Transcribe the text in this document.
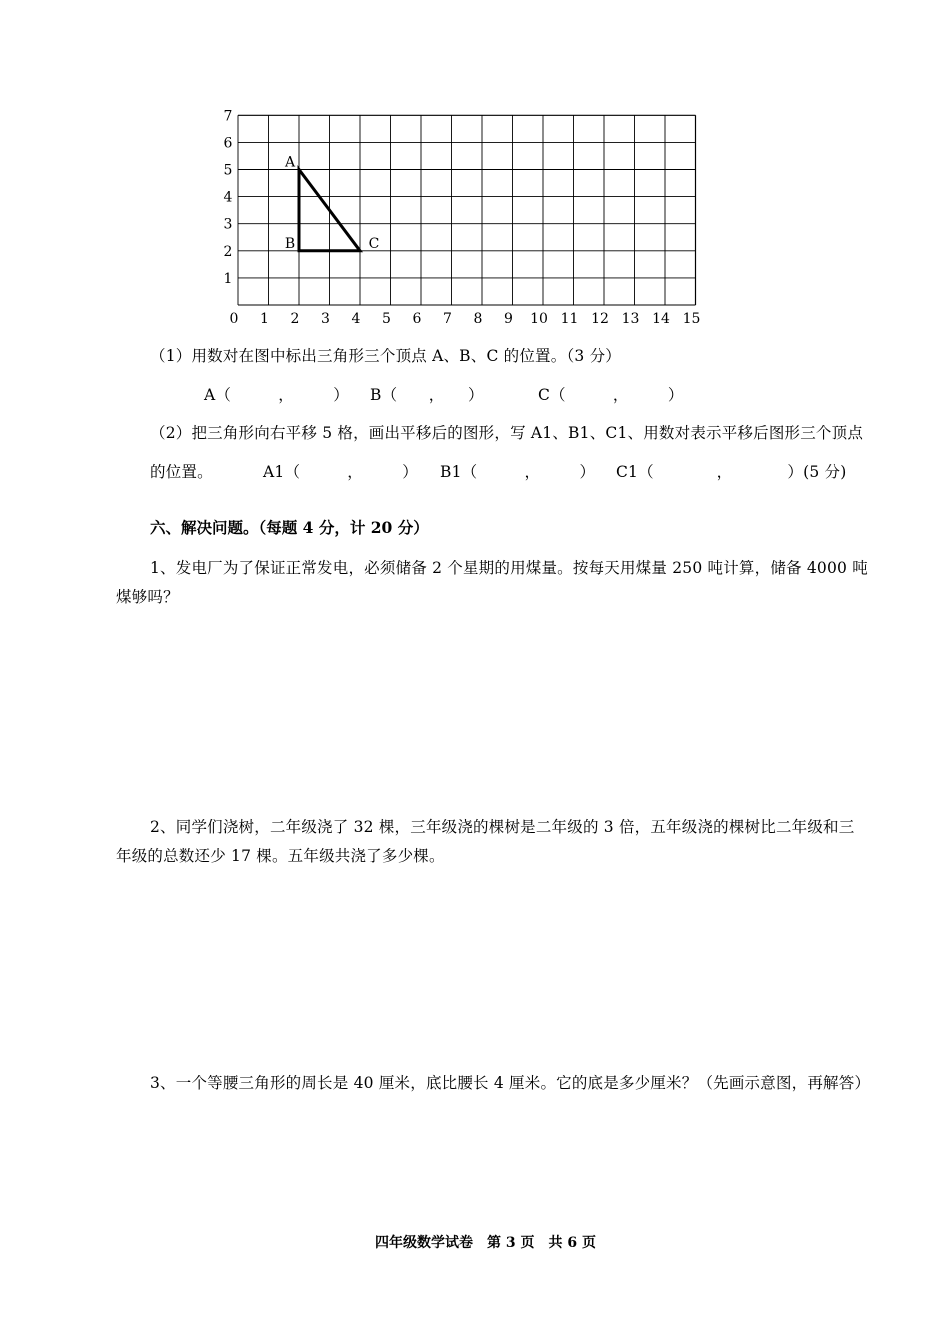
0 1 2 3 4 5 6 7 8 9 10 11 12 13 14 15
1
2
3
4
5
6
7
A
B	C
（1）用数对在图中标出三角形三个顶点 A、B、C 的位置。（3 分）
A（　　　，　　　） B（　　，　　）	C（　　　，　　　）
（2）把三角形向右平移 5 格，画出平移后的图形，写 A1、B1、C1、用数对表示平移后图形三个顶点
的位置。	A1（　　　，　　　） B1（　　　，　　　） C1（　　　　，　　　　）(5 分)
六、解决问题。（每题 4 分，计 20 分）
1、发电厂为了保证正常发电，必须储备 2 个星期的用煤量。按每天用煤量 250 吨计算，储备 4000 吨
煤够吗？
2、同学们浇树，二年级浇了 32 棵，三年级浇的棵树是二年级的 3 倍，五年级浇的棵树比二年级和三
年级的总数还少 17 棵。五年级共浇了多少棵。
3、一个等腰三角形的周长是 40 厘米，底比腰长 4 厘米。它的底是多少厘米？（先画示意图，再解答）
四年级数学试卷　第 3 页　共 6 页
